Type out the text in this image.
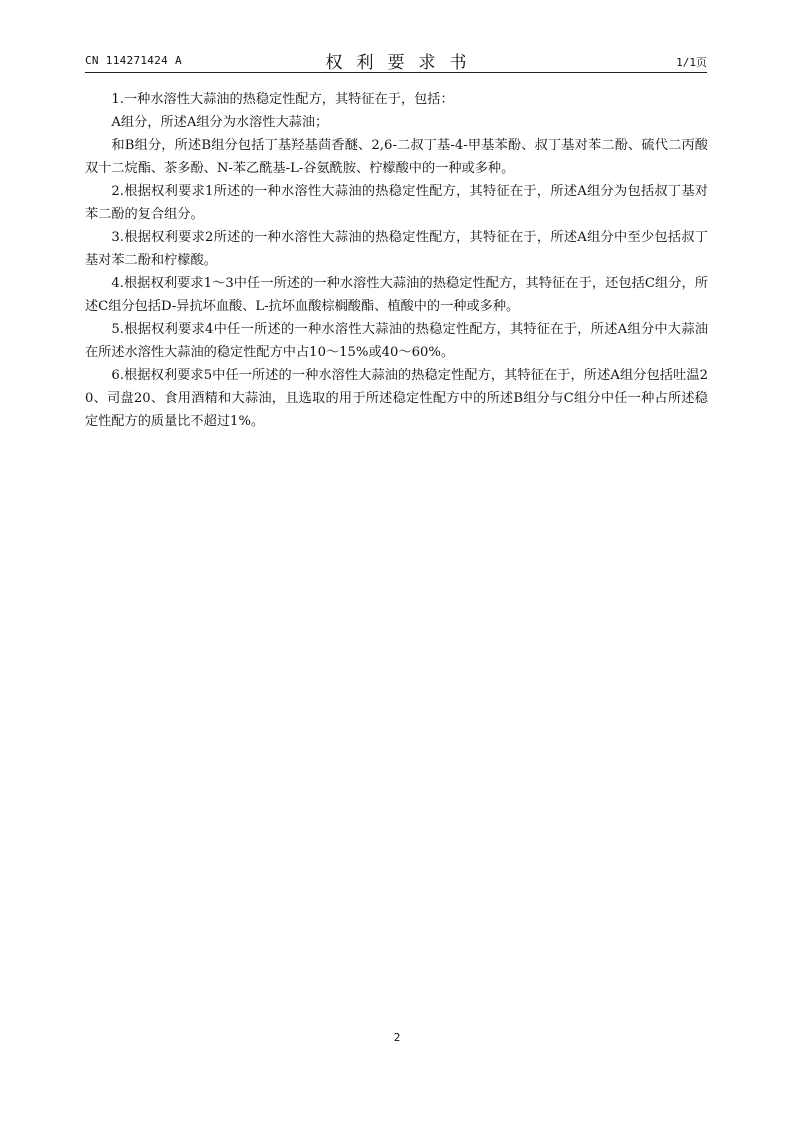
CN 114271424 A	权利要求书	1/1页

1.一种水溶性大蒜油的热稳定性配方，其特征在于，包括：

A组分，所述A组分为水溶性大蒜油；

和B组分，所述B组分包括丁基羟基茴香醚、2,6-二叔丁基-4-甲基苯酚、叔丁基对苯二酚、硫代二丙酸双十二烷酯、茶多酚、N-苯乙酰基-L-谷氨酰胺、柠檬酸中的一种或多种。

2.根据权利要求1所述的一种水溶性大蒜油的热稳定性配方，其特征在于，所述A组分为包括叔丁基对苯二酚的复合组分。

3.根据权利要求2所述的一种水溶性大蒜油的热稳定性配方，其特征在于，所述A组分中至少包括叔丁基对苯二酚和柠檬酸。

4.根据权利要求1～3中任一所述的一种水溶性大蒜油的热稳定性配方，其特征在于，还包括C组分，所述C组分包括D-异抗坏血酸、L-抗坏血酸棕榈酸酯、植酸中的一种或多种。

5.根据权利要求4中任一所述的一种水溶性大蒜油的热稳定性配方，其特征在于，所述A组分中大蒜油在所述水溶性大蒜油的稳定性配方中占10～15%或40～60%。

6.根据权利要求5中任一所述的一种水溶性大蒜油的热稳定性配方，其特征在于，所述A组分包括吐温20、司盘20、食用酒精和大蒜油，且选取的用于所述稳定性配方中的所述B组分与C组分中任一种占所述稳定性配方的质量比不超过1%。

2
